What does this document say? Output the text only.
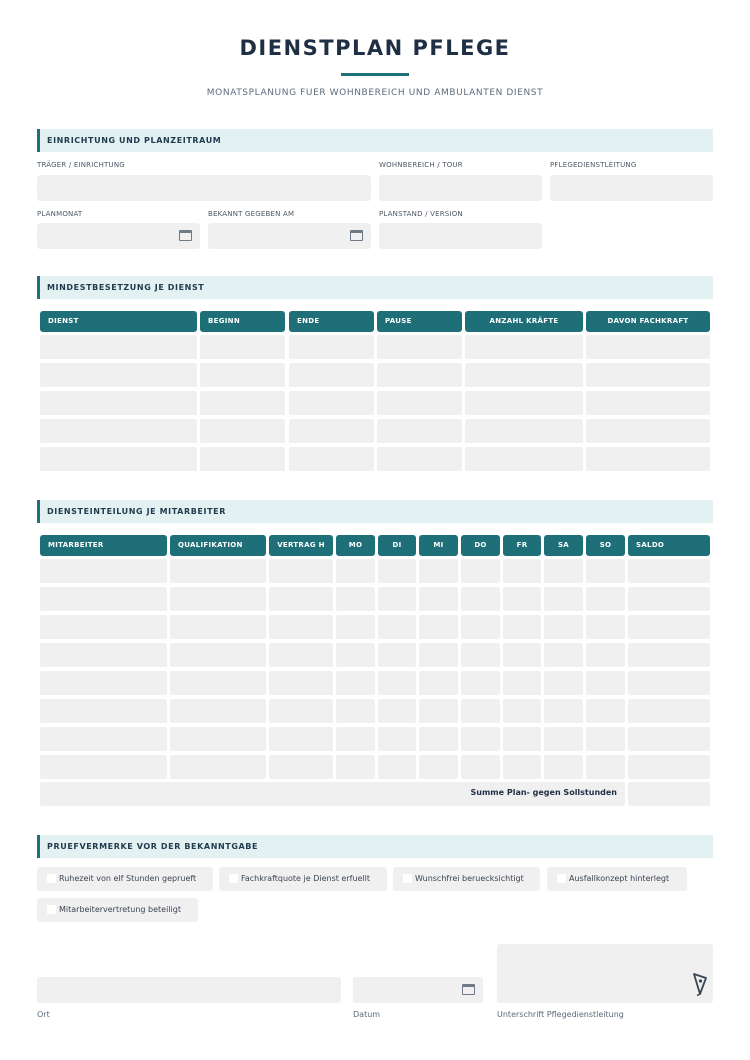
DIENSTPLAN PFLEGE
MONATSPLANUNG FUER WOHNBEREICH UND AMBULANTEN DIENST
EINRICHTUNG UND PLANZEITRAUM
TRÄGER / EINRICHTUNG	WOHNBEREICH / TOUR	PFLEGEDIENSTLEITUNG
PLANMONAT	BEKANNT GEGEBEN AM	PLANSTAND / VERSION
MINDESTBESETZUNG JE DIENST
DIENST	BEGINN	ENDE	PAUSE	ANZAHL KRÄFTE	DAVON FACHKRAFT
DIENSTEINTEILUNG JE MITARBEITER
MITARBEITER	QUALIFIKATION	VERTRAG H	MO	DI	MI	DO	FR	SA	SO	SALDO
Summe Plan- gegen Sollstunden
PRUEFVERMERKE VOR DER BEKANNTGABE
Ruhezeit von elf Stunden geprueft	Fachkraftquote je Dienst erfuellt	Wunschfrei beruecksichtigt	Ausfallkonzept hinterlegt
Mitarbeitervertretung beteiligt
Ort	Datum	Unterschrift Pflegedienstleitung
